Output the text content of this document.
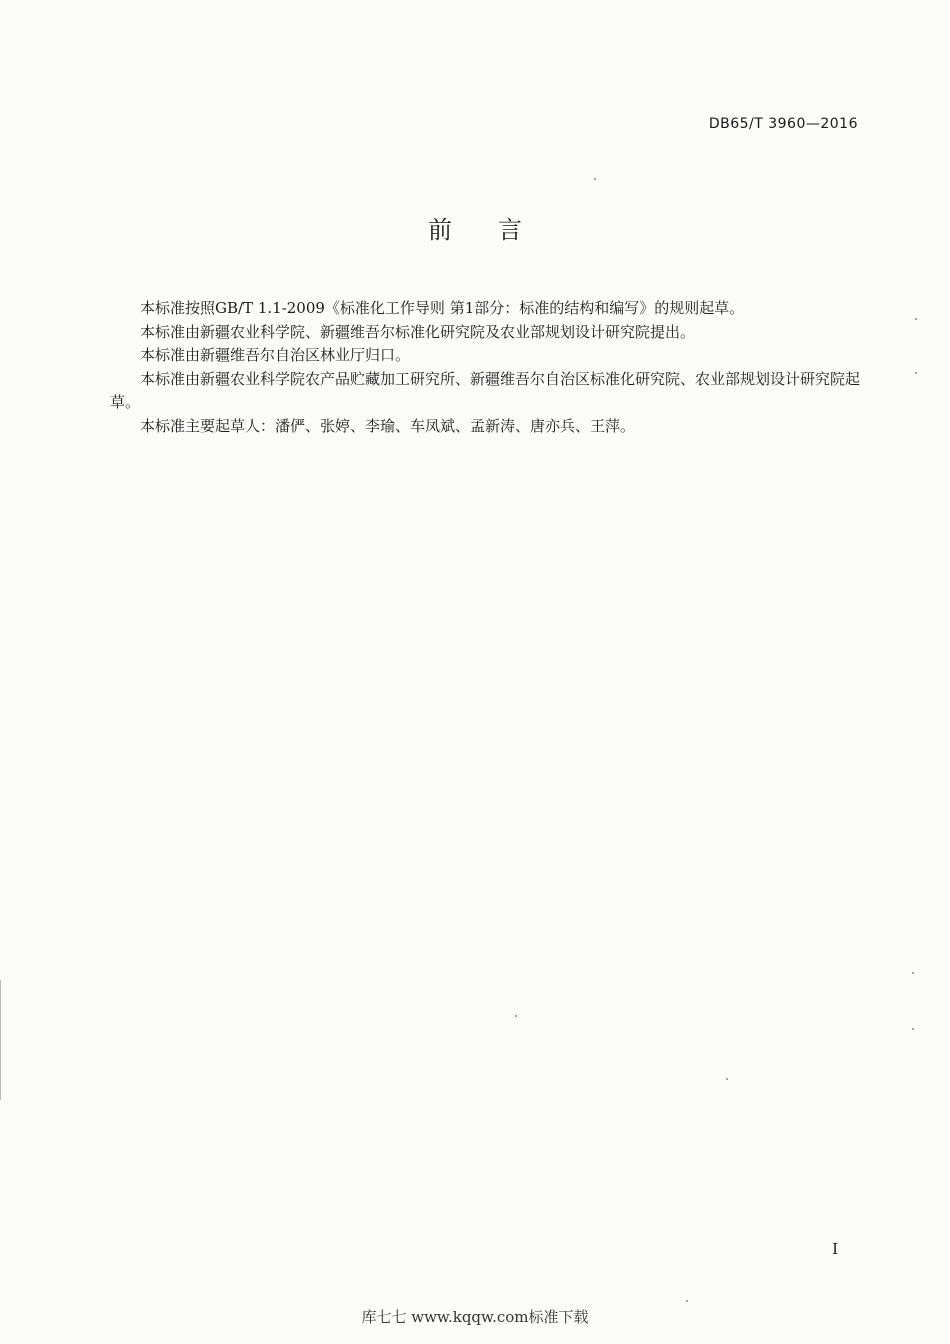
DB65/T 3960—2016
前言

本标准按照GB/T 1.1-2009《标准化工作导则 第1部分：标准的结构和编写》的规则起草。

本标准由新疆农业科学院、新疆维吾尔标准化研究院及农业部规划设计研究院提出。

本标准由新疆维吾尔自治区林业厅归口。

本标准由新疆农业科学院农产品贮藏加工研究所、新疆维吾尔自治区标准化研究院、农业部规划设计研究院起草。

本标准主要起草人：潘俨、张婷、李瑜、车凤斌、孟新涛、唐亦兵、王萍。

I
库七七 www.kqqw.com标准下载
